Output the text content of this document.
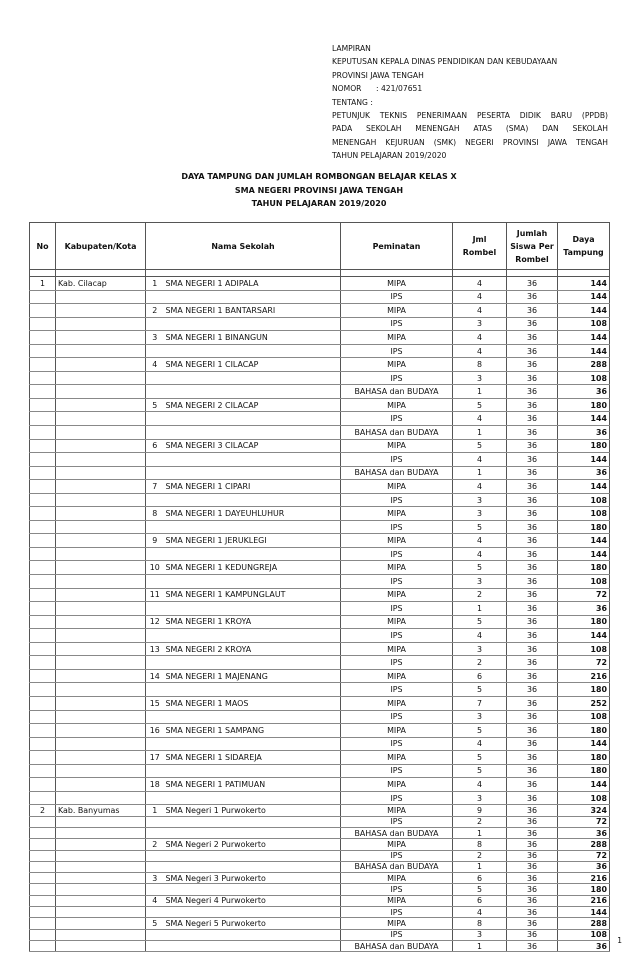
LAMPIRAN
KEPUTUSAN KEPALA DINAS PENDIDIKAN DAN KEBUDAYAAN
PROVINSI JAWA TENGAH
NOMOR : 421/07651
TENTANG :
PETUNJUK TEKNIS PENERIMAAN PESERTA DIDIK BARU (PPDB)
PADA SEKOLAH MENENGAH ATAS (SMA) DAN SEKOLAH
MENENGAH KEJURUAN (SMK) NEGERI PROVINSI JAWA TENGAH
TAHUN PELAJARAN 2019/2020
DAYA TAMPUNG DAN JUMLAH ROMBONGAN BELAJAR KELAS X
SMA NEGERI PROVINSI JAWA TENGAH
TAHUN PELAJARAN 2019/2020
No	Kabupaten/Kota	Nama Sekolah		Peminatan	Jml Rombel	Jumlah Siswa Per Rombel	Daya Tampung

1	Kab. Cilacap	1	SMA NEGERI 1 ADIPALA	MIPA	4	36	144
				IPS	4	36	144
		2	SMA NEGERI 1 BANTARSARI	MIPA	4	36	144
				IPS	3	36	108
		3	SMA NEGERI 1 BINANGUN	MIPA	4	36	144
				IPS	4	36	144
		4	SMA NEGERI 1 CILACAP	MIPA	8	36	288
				IPS	3	36	108
				BAHASA dan BUDAYA	1	36	36
		5	SMA NEGERI 2 CILACAP	MIPA	5	36	180
				IPS	4	36	144
				BAHASA dan BUDAYA	1	36	36
		6	SMA NEGERI 3 CILACAP	MIPA	5	36	180
				IPS	4	36	144
				BAHASA dan BUDAYA	1	36	36
		7	SMA NEGERI 1 CIPARI	MIPA	4	36	144
				IPS	3	36	108
		8	SMA NEGERI 1 DAYEUHLUHUR	MIPA	3	36	108
				IPS	5	36	180
		9	SMA NEGERI 1 JERUKLEGI	MIPA	4	36	144
				IPS	4	36	144
		10	SMA NEGERI 1 KEDUNGREJA	MIPA	5	36	180
				IPS	3	36	108
		11	SMA NEGERI 1 KAMPUNGLAUT	MIPA	2	36	72
				IPS	1	36	36
		12	SMA NEGERI 1 KROYA	MIPA	5	36	180
				IPS	4	36	144
		13	SMA NEGERI 2 KROYA	MIPA	3	36	108
				IPS	2	36	72
		14	SMA NEGERI 1 MAJENANG	MIPA	6	36	216
				IPS	5	36	180
		15	SMA NEGERI 1 MAOS	MIPA	7	36	252
				IPS	3	36	108
		16	SMA NEGERI 1 SAMPANG	MIPA	5	36	180
				IPS	4	36	144
		17	SMA NEGERI 1 SIDAREJA	MIPA	5	36	180
				IPS	5	36	180
		18	SMA NEGERI 1 PATIMUAN	MIPA	4	36	144
				IPS	3	36	108
2	Kab. Banyumas	1	SMA Negeri 1 Purwokerto	MIPA	9	36	324
				IPS	2	36	72
				BAHASA dan BUDAYA	1	36	36
		2	SMA Negeri 2 Purwokerto	MIPA	8	36	288
				IPS	2	36	72
				BAHASA dan BUDAYA	1	36	36
		3	SMA Negeri 3 Purwokerto	MIPA	6	36	216
				IPS	5	36	180
		4	SMA Negeri 4 Purwokerto	MIPA	6	36	216
				IPS	4	36	144
		5	SMA Negeri 5 Purwokerto	MIPA	8	36	288
				IPS	3	36	108
				BAHASA dan BUDAYA	1	36	36
1
